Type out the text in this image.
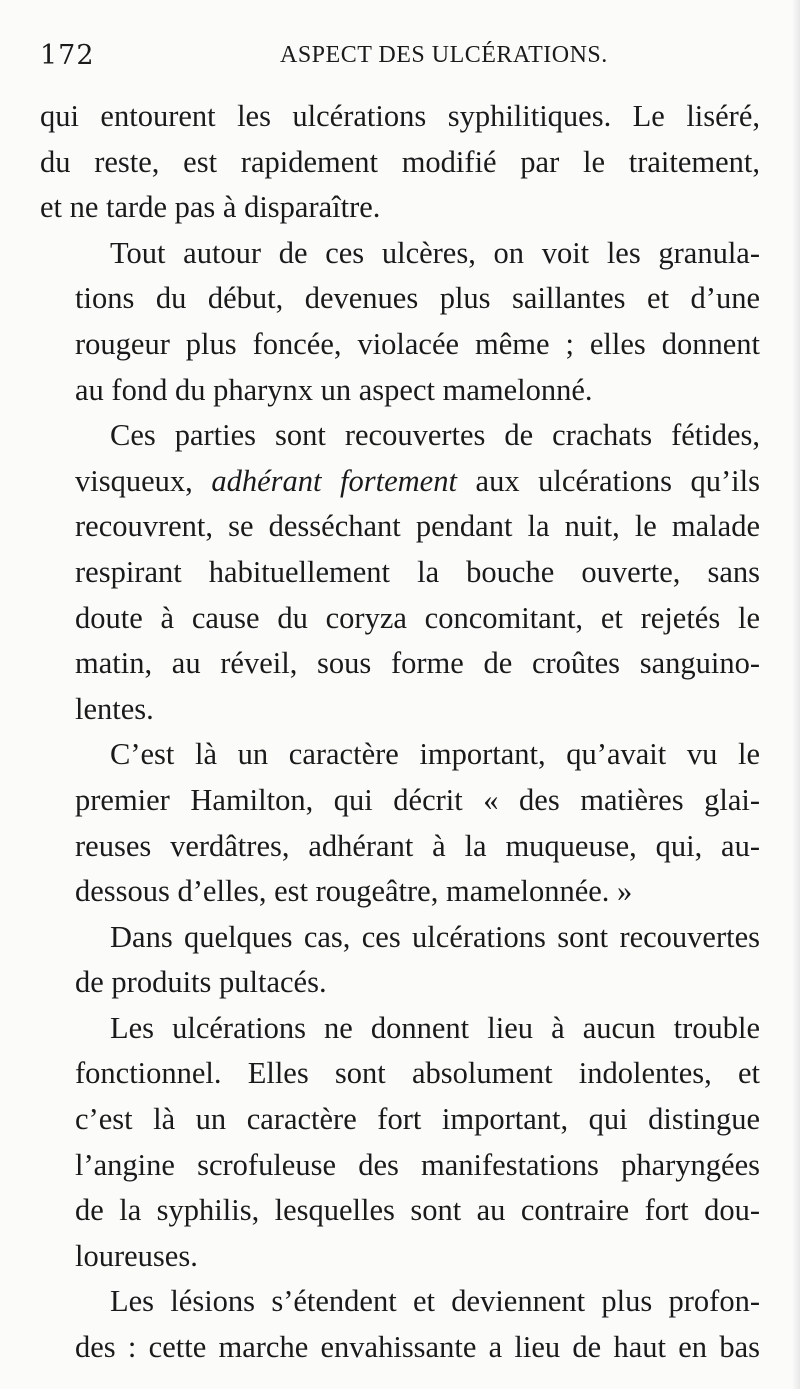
172	ASPECT DES ULCÉRATIONS.

qui entourent les ulcérations syphilitiques. Le liséré,
du reste, est rapidement modifié par le traitement,
et ne tarde pas à disparaître.

Tout autour de ces ulcères, on voit les granula-
tions du début, devenues plus saillantes et d’une
rougeur plus foncée, violacée même ; elles donnent
au fond du pharynx un aspect mamelonné.

Ces parties sont recouvertes de crachats fétides,
visqueux, adhérant fortement aux ulcérations qu’ils
recouvrent, se desséchant pendant la nuit, le malade
respirant habituellement la bouche ouverte, sans
doute à cause du coryza concomitant, et rejetés le
matin, au réveil, sous forme de croûtes sanguino-
lentes.

C’est là un caractère important, qu’avait vu le
premier Hamilton, qui décrit « des matières glai-
reuses verdâtres, adhérant à la muqueuse, qui, au-
dessous d’elles, est rougeâtre, mamelonnée. »

Dans quelques cas, ces ulcérations sont recouvertes
de produits pultacés.

Les ulcérations ne donnent lieu à aucun trouble
fonctionnel. Elles sont absolument indolentes, et
c’est là un caractère fort important, qui distingue
l’angine scrofuleuse des manifestations pharyngées
de la syphilis, lesquelles sont au contraire fort dou-
loureuses.

Les lésions s’étendent et deviennent plus profon-
des : cette marche envahissante a lieu de haut en bas
